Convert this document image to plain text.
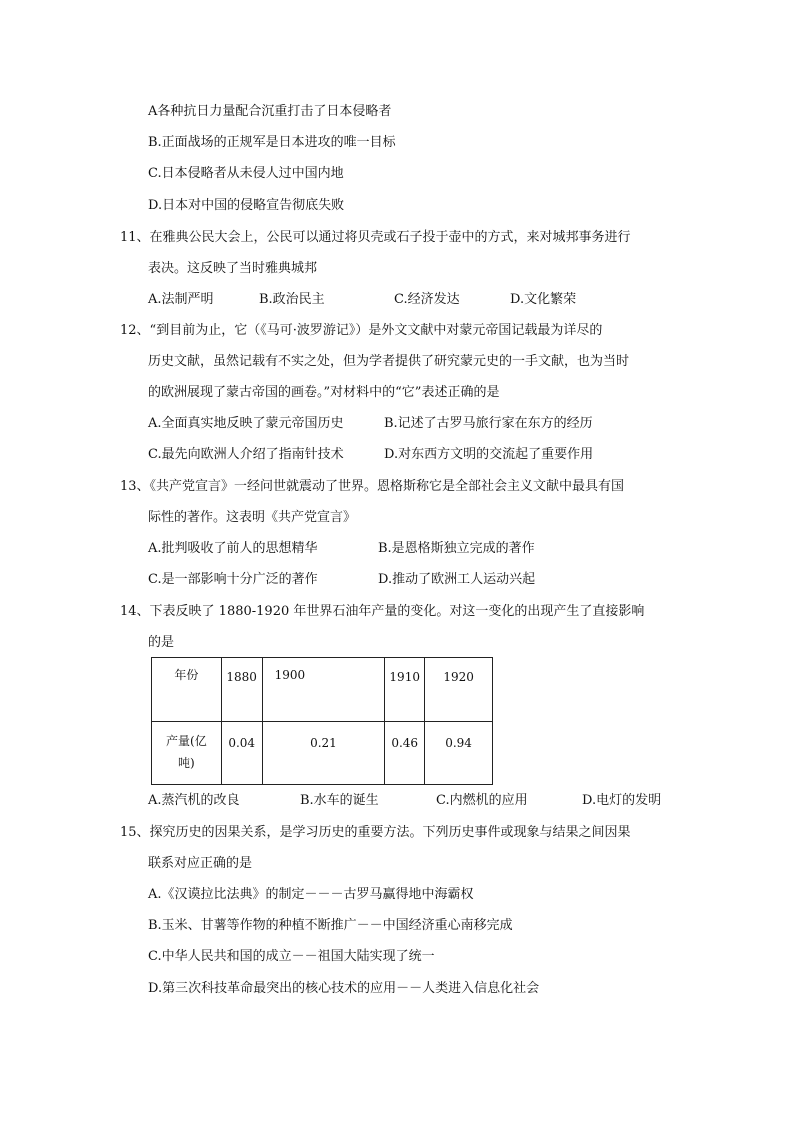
A各种抗日力量配合沉重打击了日本侵略者
B.正面战场的正规军是日本进攻的唯一目标
C.日本侵略者从未侵人过中国内地
D.日本对中国的侵略宣告彻底失败
11、在雅典公民大会上，公民可以通过将贝壳或石子投于壶中的方式，来对城邦事务进行
表决。这反映了当时雅典城邦
A.法制严明	B.政治民主	C.经济发达	D.文化繁荣
12、“到目前为止，它（《马可·波罗游记》）是外文文献中对蒙元帝国记载最为详尽的
历史文献，虽然记载有不实之处，但为学者提供了研究蒙元史的一手文献，也为当时
的欧洲展现了蒙古帝国的画卷。”对材料中的“它”表述正确的是
A.全面真实地反映了蒙元帝国历史	B.记述了古罗马旅行家在东方的经历
C.最先向欧洲人介绍了指南针技术	D.对东西方文明的交流起了重要作用
13、《共产党宣言》一经问世就震动了世界。恩格斯称它是全部社会主义文献中最具有国
际性的著作。这表明《共产党宣言》
A.批判吸收了前人的思想精华	B.是恩格斯独立完成的著作
C.是一部影响十分广泛的著作	D.推动了欧洲工人运动兴起
14、下表反映了 1880-1920 年世界石油年产量的变化。对这一变化的出现产生了直接影响
的是
年份	1880	1900	1910	1920

产量(亿
吨)	0.04	0.21	0.46	0.94
A.蒸汽机的改良	B.水车的诞生	C.内燃机的应用	D.电灯的发明
15、探究历史的因果关系，是学习历史的重要方法。下列历史事件或现象与结果之间因果
联系对应正确的是
A.《汉谟拉比法典》的制定－－－古罗马赢得地中海霸权
B.玉米、甘薯等作物的种植不断推广－－中国经济重心南移完成
C.中华人民共和国的成立－－祖国大陆实现了统一
D.第三次科技革命最突出的核心技术的应用－－人类进入信息化社会
